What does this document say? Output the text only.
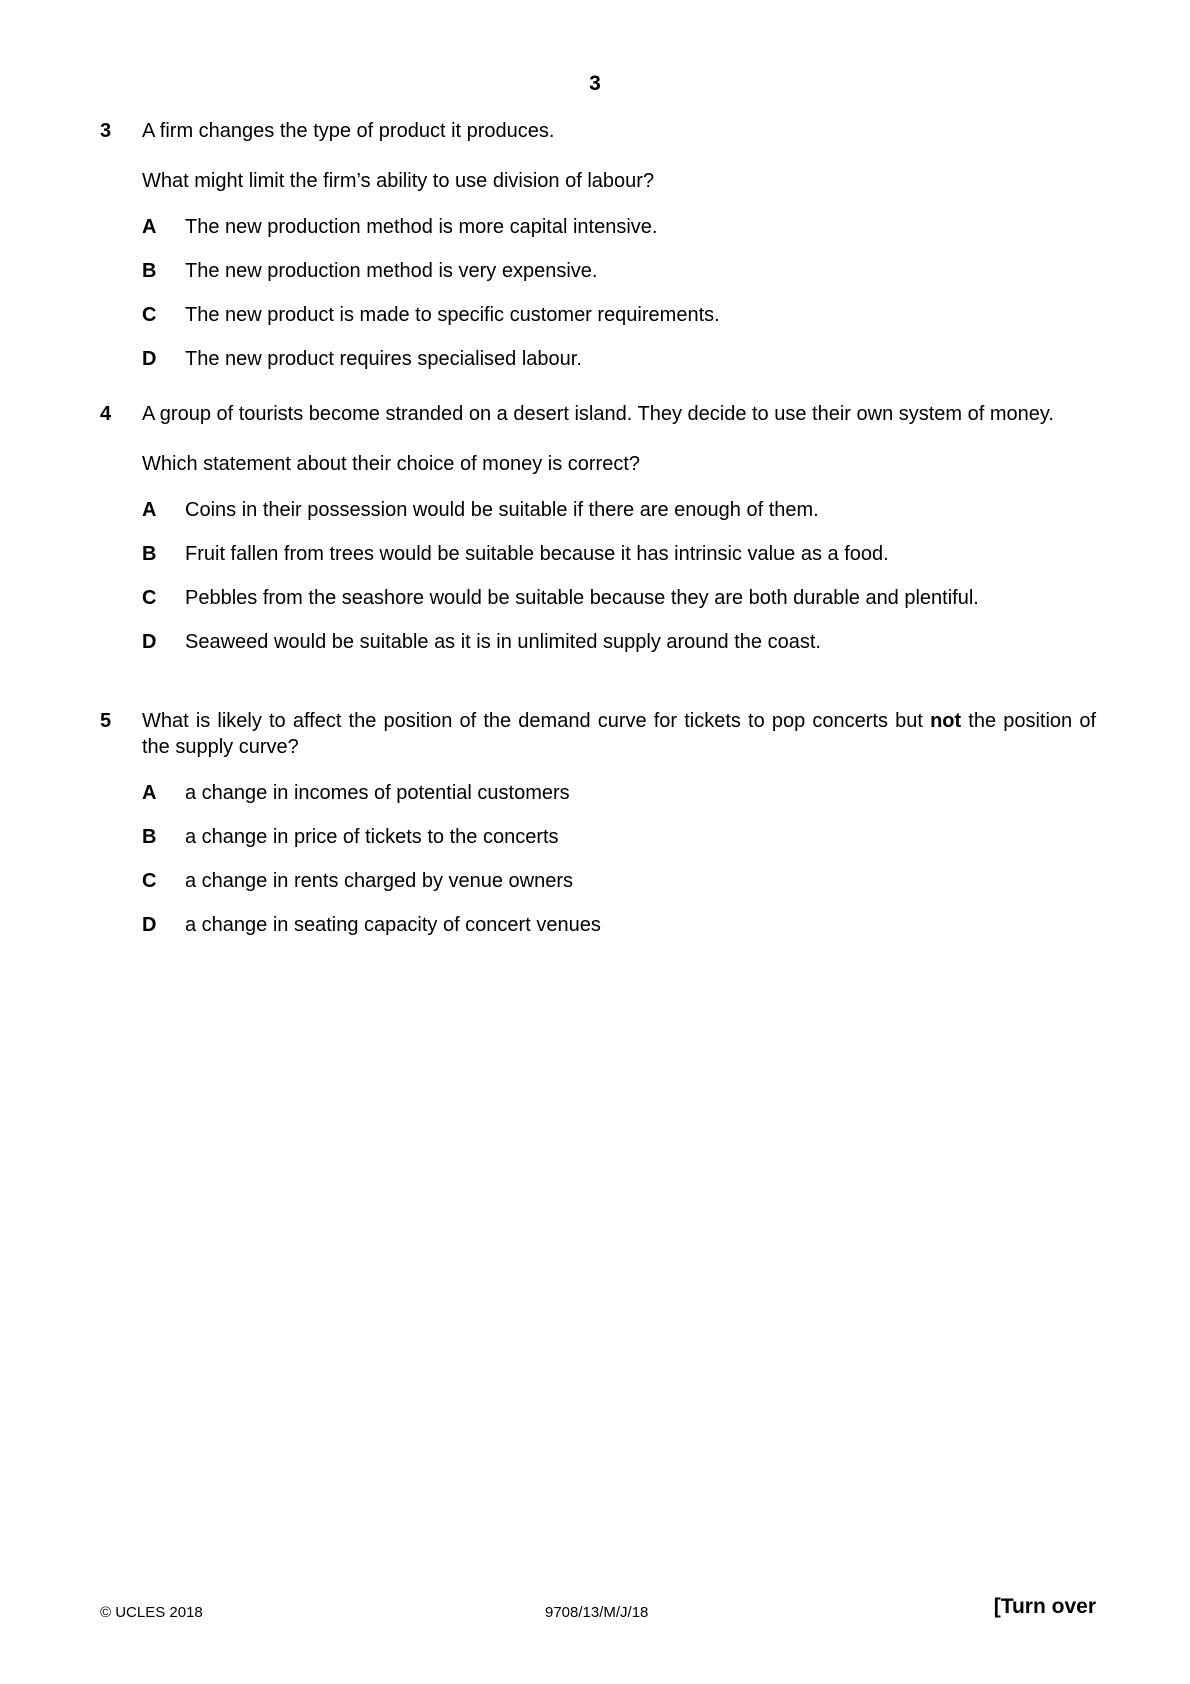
3
3 A firm changes the type of product it produces.

What might limit the firm’s ability to use division of labour?

A The new production method is more capital intensive.
B The new production method is very expensive.
C The new product is made to specific customer requirements.
D The new product requires specialised labour.
4 A group of tourists become stranded on a desert island. They decide to use their own system of money.

Which statement about their choice of money is correct?

A Coins in their possession would be suitable if there are enough of them.
B Fruit fallen from trees would be suitable because it has intrinsic value as a food.
C Pebbles from the seashore would be suitable because they are both durable and plentiful.
D Seaweed would be suitable as it is in unlimited supply around the coast.
5 What is likely to affect the position of the demand curve for tickets to pop concerts but not the position of the supply curve?

A a change in incomes of potential customers
B a change in price of tickets to the concerts
C a change in rents charged by venue owners
D a change in seating capacity of concert venues
© UCLES 2018	9708/13/M/J/18	[Turn over
